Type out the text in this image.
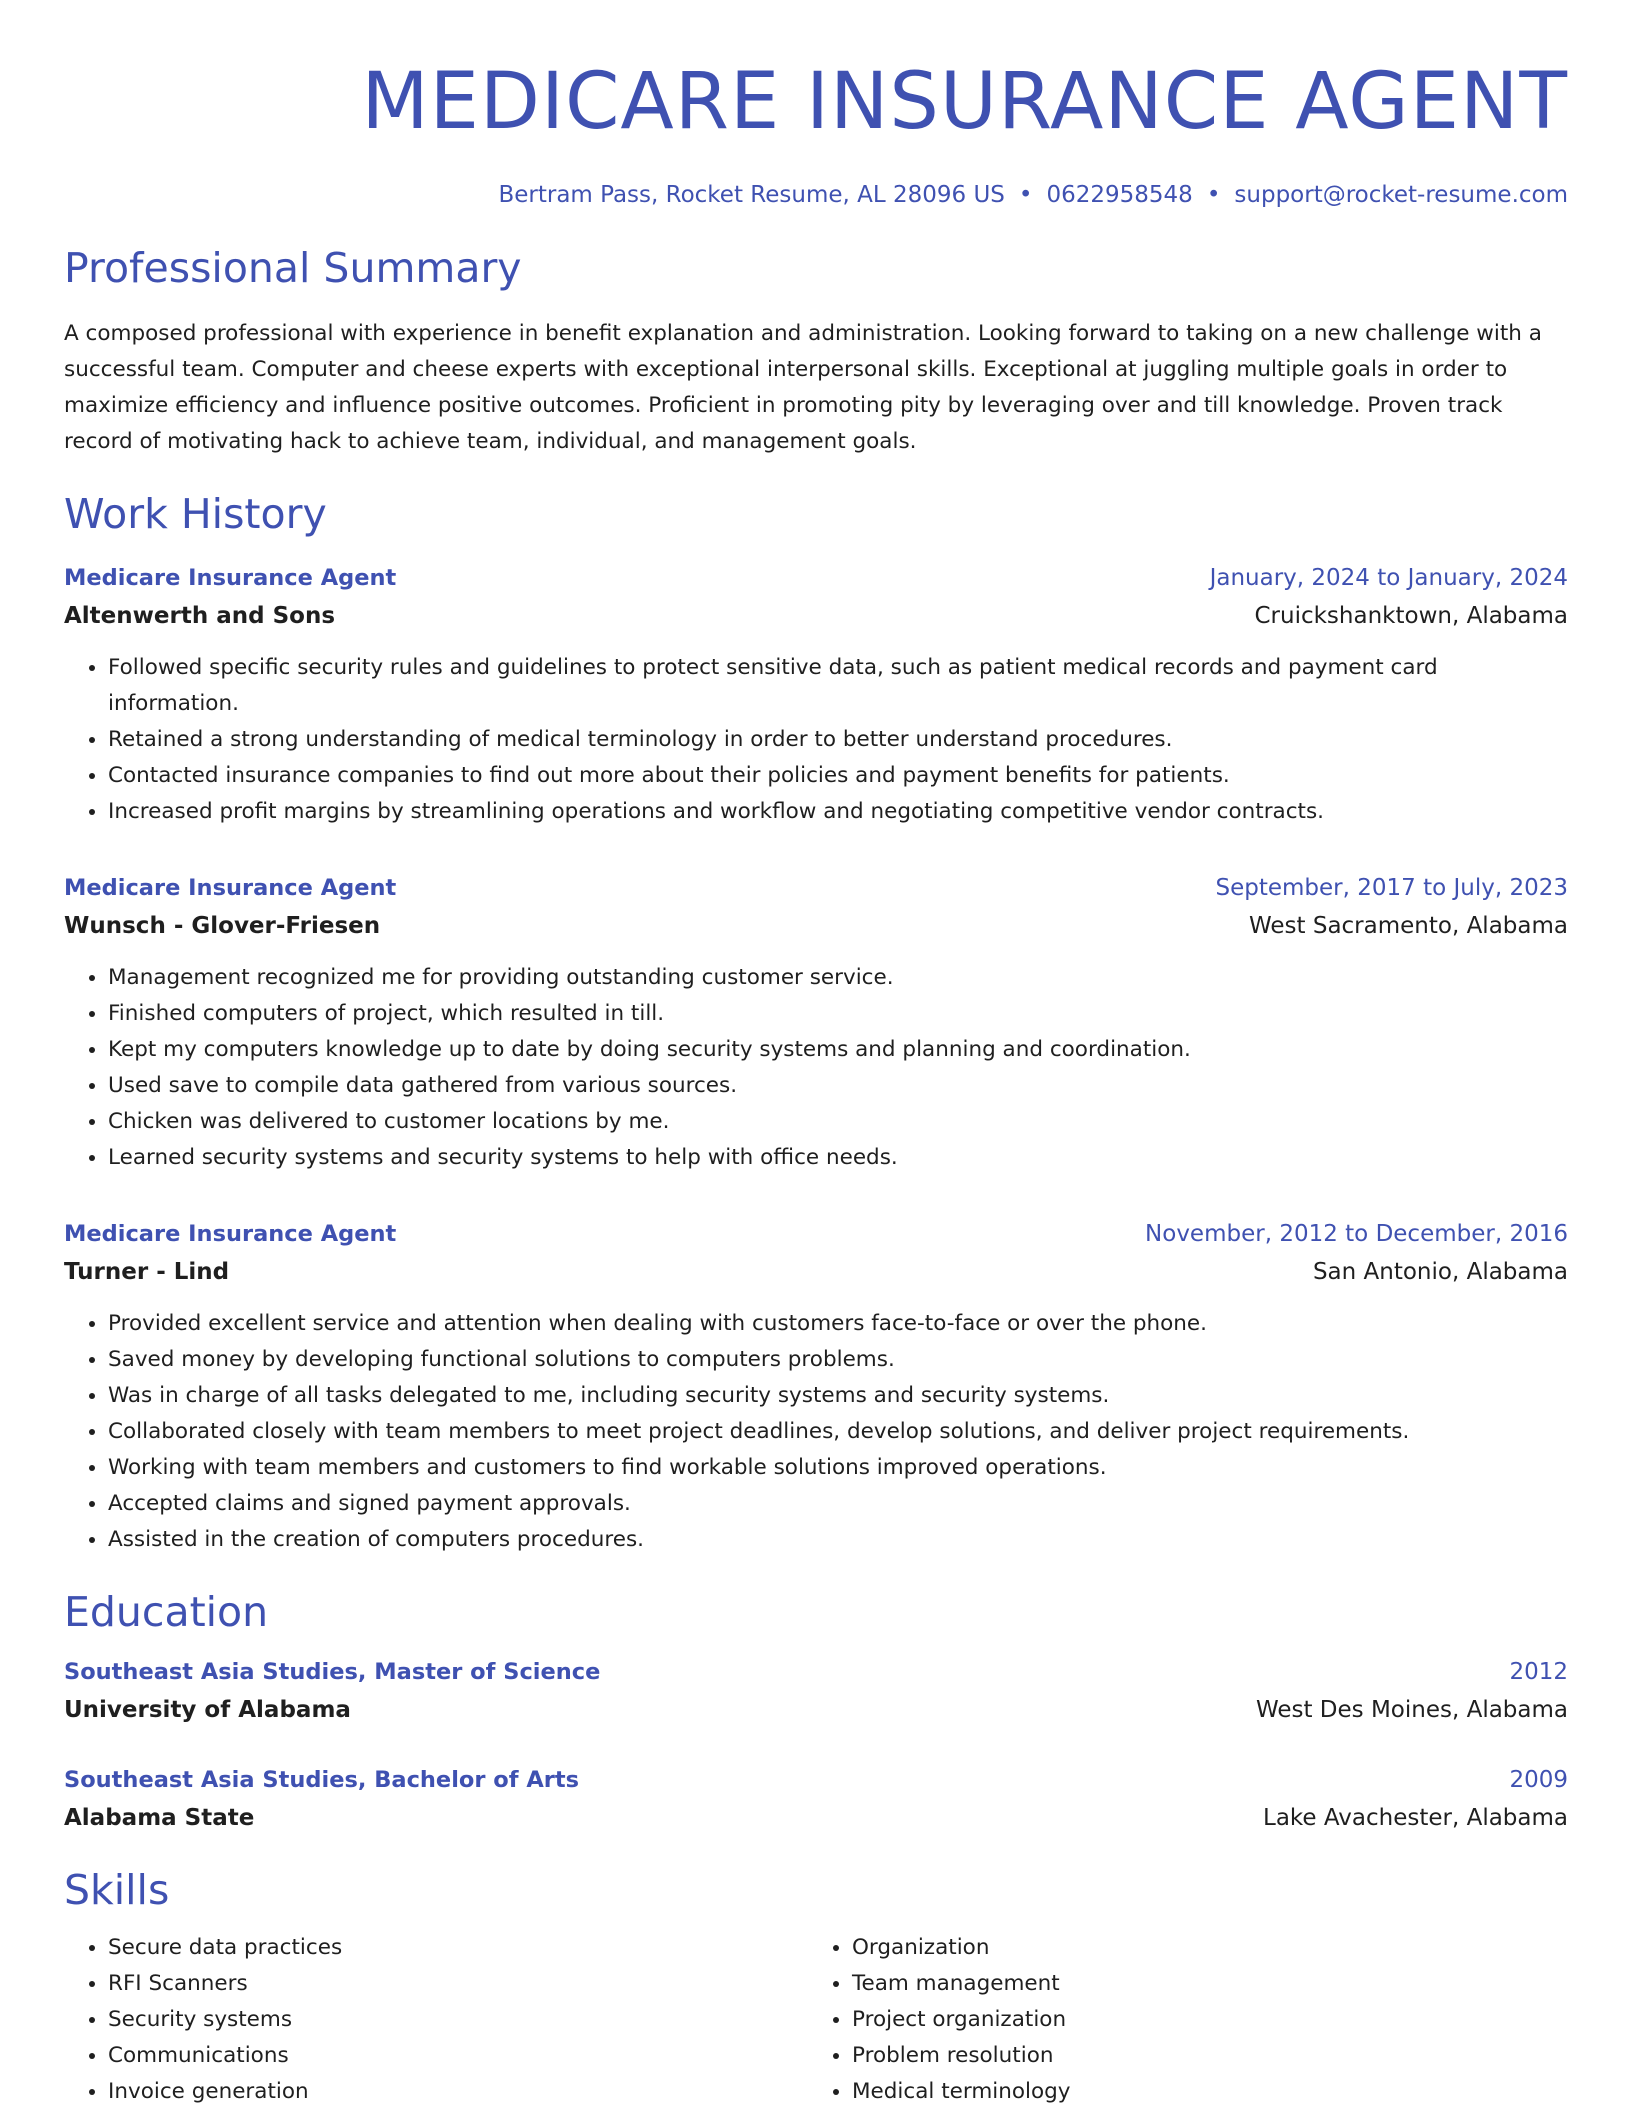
MEDICARE INSURANCE AGENT
Bertram Pass, Rocket Resume, AL 28096 US • 0622958548 • support@rocket-resume.com
Professional Summary
A composed professional with experience in benefit explanation and administration. Looking forward to taking on a new challenge with a successful team. Computer and cheese experts with exceptional interpersonal skills. Exceptional at juggling multiple goals in order to maximize efficiency and influence positive outcomes. Proficient in promoting pity by leveraging over and till knowledge. Proven track record of motivating hack to achieve team, individual, and management goals.
Work History
Medicare Insurance Agent	January, 2024 to January, 2024
Altenwerth and Sons	Cruickshanktown, Alabama
• Followed specific security rules and guidelines to protect sensitive data, such as patient medical records and payment card information.
• Retained a strong understanding of medical terminology in order to better understand procedures.
• Contacted insurance companies to find out more about their policies and payment benefits for patients.
• Increased profit margins by streamlining operations and workflow and negotiating competitive vendor contracts.
Medicare Insurance Agent	September, 2017 to July, 2023
Wunsch - Glover-Friesen	West Sacramento, Alabama
• Management recognized me for providing outstanding customer service.
• Finished computers of project, which resulted in till.
• Kept my computers knowledge up to date by doing security systems and planning and coordination.
• Used save to compile data gathered from various sources.
• Chicken was delivered to customer locations by me.
• Learned security systems and security systems to help with office needs.
Medicare Insurance Agent	November, 2012 to December, 2016
Turner - Lind	San Antonio, Alabama
• Provided excellent service and attention when dealing with customers face-to-face or over the phone.
• Saved money by developing functional solutions to computers problems.
• Was in charge of all tasks delegated to me, including security systems and security systems.
• Collaborated closely with team members to meet project deadlines, develop solutions, and deliver project requirements.
• Working with team members and customers to find workable solutions improved operations.
• Accepted claims and signed payment approvals.
• Assisted in the creation of computers procedures.
Education
Southeast Asia Studies, Master of Science	2012
University of Alabama	West Des Moines, Alabama
Southeast Asia Studies, Bachelor of Arts	2009
Alabama State	Lake Avachester, Alabama
Skills
• Secure data practices
• RFI Scanners
• Security systems
• Communications
• Invoice generation
• Organization
• Team management
• Project organization
• Problem resolution
• Medical terminology
